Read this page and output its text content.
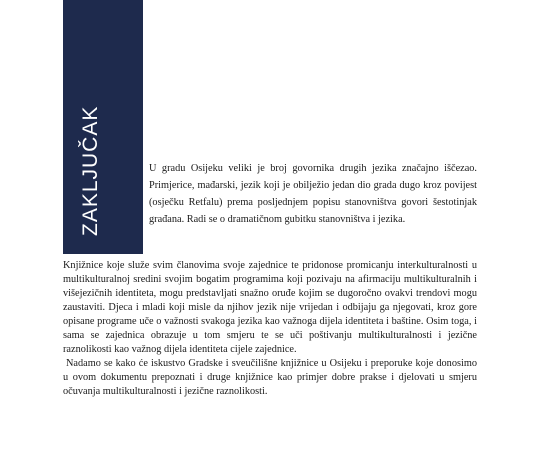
ZAKLJUČAK	U gradu Osijeku veliki je broj govornika drugih jezika značajno iščezao. Primjerice, mađarski, jezik koji je obilježio jedan dio grada dugo kroz povijest (osječku Retfalu) prema posljednjem popisu stanovništva govori šestotinjak građana. Radi se o dramatičnom gubitku stanovništva i jezika.

Knjižnice koje služe svim članovima svoje zajednice te pridonose promicanju interkulturalnosti u multikulturalnoj sredini svojim bogatim programima koji pozivaju na afirmaciju multikulturalnih i višejezičnih identiteta, mogu predstavljati snažno oruđe kojim se dugoročno ovakvi trendovi mogu zaustaviti. Djeca i mladi koji misle da njihov jezik nije vrijedan i odbijaju ga njegovati, kroz gore opisane programe uče o važnosti svakoga jezika kao važnoga dijela identiteta i baštine. Osim toga, i sama se zajednica obrazuje u tom smjeru te se uči poštivanju multikulturalnosti i jezične raznolikosti kao važnog dijela identiteta cijele zajednice.

Nadamo se kako će iskustvo Gradske i sveučilišne knjižnice u Osijeku i preporuke koje donosimo u ovom dokumentu prepoznati i druge knjižnice kao primjer dobre prakse i djelovati u smjeru očuvanja multikulturalnosti i jezične raznolikosti.
